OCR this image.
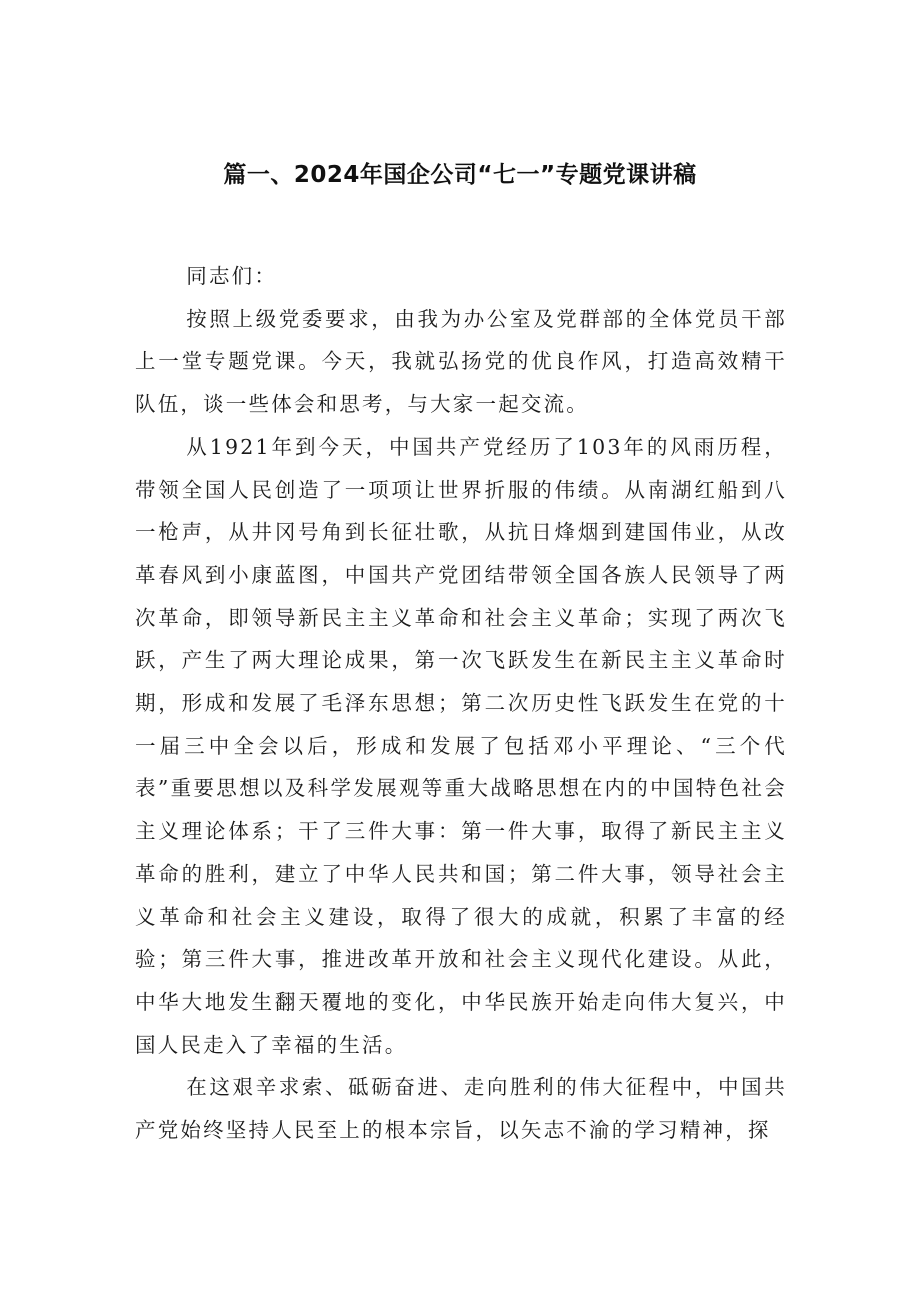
篇一、2024年国企公司“七一”专题党课讲稿

同志们：

按照上级党委要求，由我为办公室及党群部的全体党员干部上一堂专题党课。今天，我就弘扬党的优良作风，打造高效精干队伍，谈一些体会和思考，与大家一起交流。

从1921年到今天，中国共产党经历了103年的风雨历程，带领全国人民创造了一项项让世界折服的伟绩。从南湖红船到八一枪声，从井冈号角到长征壮歌，从抗日烽烟到建国伟业，从改革春风到小康蓝图，中国共产党团结带领全国各族人民领导了两次革命，即领导新民主主义革命和社会主义革命；实现了两次飞跃，产生了两大理论成果，第一次飞跃发生在新民主主义革命时期，形成和发展了毛泽东思想；第二次历史性飞跃发生在党的十一届三中全会以后，形成和发展了包括邓小平理论、“三个代表”重要思想以及科学发展观等重大战略思想在内的中国特色社会主义理论体系；干了三件大事：第一件大事，取得了新民主主义革命的胜利，建立了中华人民共和国；第二件大事，领导社会主义革命和社会主义建设，取得了很大的成就，积累了丰富的经验；第三件大事，推进改革开放和社会主义现代化建设。从此，中华大地发生翻天覆地的变化，中华民族开始走向伟大复兴，中国人民走入了幸福的生活。

在这艰辛求索、砥砺奋进、走向胜利的伟大征程中，中国共产党始终坚持人民至上的根本宗旨，以矢志不渝的学习精神，探
